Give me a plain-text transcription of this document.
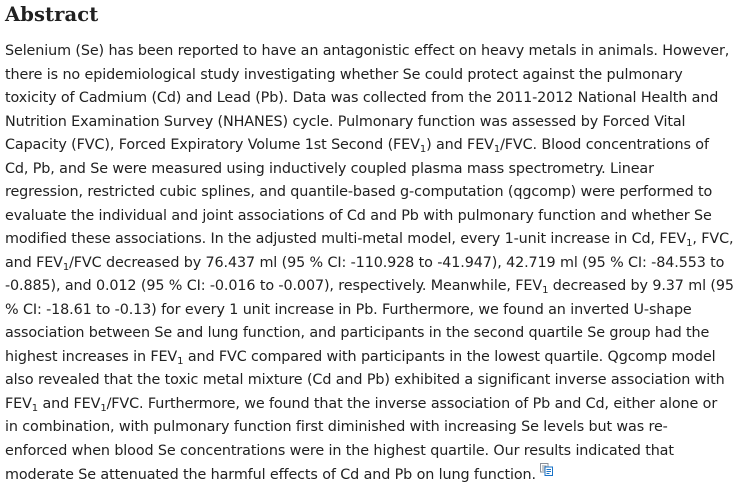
Abstract
Selenium (Se) has been reported to have an antagonistic effect on heavy metals in animals. However,
there is no epidemiological study investigating whether Se could protect against the pulmonary
toxicity of Cadmium (Cd) and Lead (Pb). Data was collected from the 2011-2012 National Health and
Nutrition Examination Survey (NHANES) cycle. Pulmonary function was assessed by Forced Vital
Capacity (FVC), Forced Expiratory Volume 1st Second $(FEV_1)$ and $FEV_1$/FVC. Blood concentrations of
Cd, Pb, and Se were measured using inductively coupled plasma mass spectrometry. Linear
regression, restricted cubic splines, and quantile-based g-computation (qgcomp) were performed to
evaluate the individual and joint associations of Cd and Pb with pulmonary function and whether Se
modified these associations. In the adjusted multi-metal model, every 1-unit increase in Cd, $FEV_1$, FVC,
and $FEV_1$/FVC decreased by 76.437 ml (95 % CI: -110.928 to -41.947), 42.719 ml (95 % CI: -84.553 to
-0.885), and 0.012 (95 % CI: -0.016 to -0.007), respectively. Meanwhile, $FEV_1$ decreased by 9.37 ml (95
% CI: -18.61 to -0.13) for every 1 unit increase in Pb. Furthermore, we found an inverted U-shape
association between Se and lung function, and participants in the second quartile Se group had the
highest increases in $FEV_1$ and FVC compared with participants in the lowest quartile. Qgcomp model
also revealed that the toxic metal mixture (Cd and Pb) exhibited a significant inverse association with
$FEV_1$ and $FEV_1$/FVC. Furthermore, we found that the inverse association of Pb and Cd, either alone or
in combination, with pulmonary function first diminished with increasing Se levels but was re-
enforced when blood Se concentrations were in the highest quartile. Our results indicated that
moderate Se attenuated the harmful effects of Cd and Pb on lung function.
